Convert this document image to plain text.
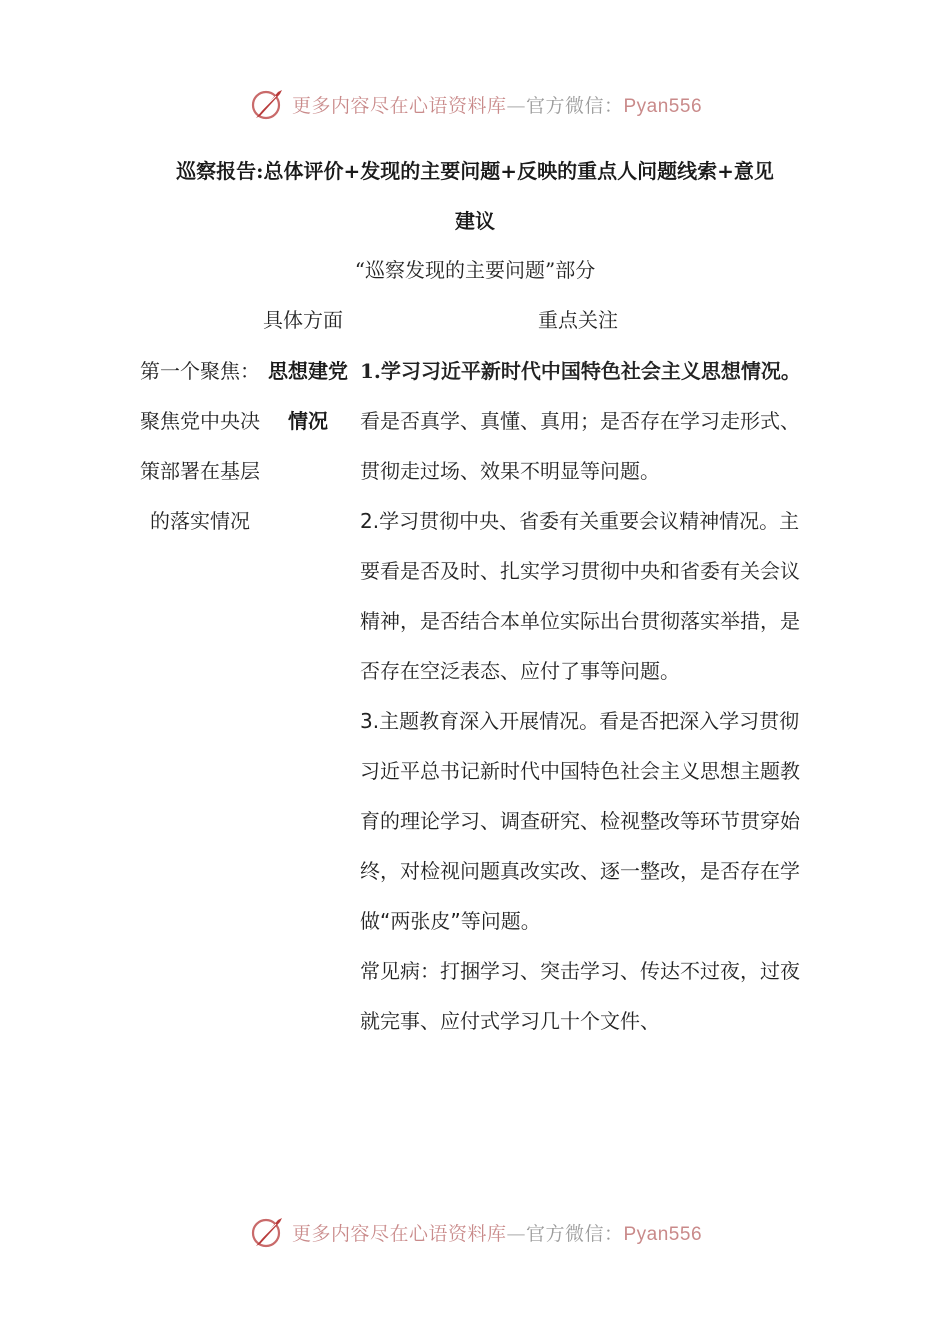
更多内容尽在心语资料库—官方微信：Pyan556
巡察报告:总体评价+发现的主要问题+反映的重点人问题线索+意见
建议
“巡察发现的主要问题”部分
具体方面	重点关注
第一个聚焦：聚焦党中央决策部署在基层的落实情况
思想建党情况

1.学习习近平新时代中国特色社会主义思想情况。看是否真学、真懂、真用；是否存在学习走形式、贯彻走过场、效果不明显等问题。

2.学习贯彻中央、省委有关重要会议精神情况。主要看是否及时、扎实学习贯彻中央和省委有关会议精神，是否结合本单位实际出台贯彻落实举措，是否存在空泛表态、应付了事等问题。

3.主题教育深入开展情况。看是否把深入学习贯彻习近平总书记新时代中国特色社会主义思想主题教育的理论学习、调查研究、检视整改等环节贯穿始终，对检视问题真改实改、逐一整改，是否存在学做“两张皮”等问题。

常见病：打捆学习、突击学习、传达不过夜，过夜就完事、应付式学习几十个文件、

更多内容尽在心语资料库—官方微信：Pyan556
